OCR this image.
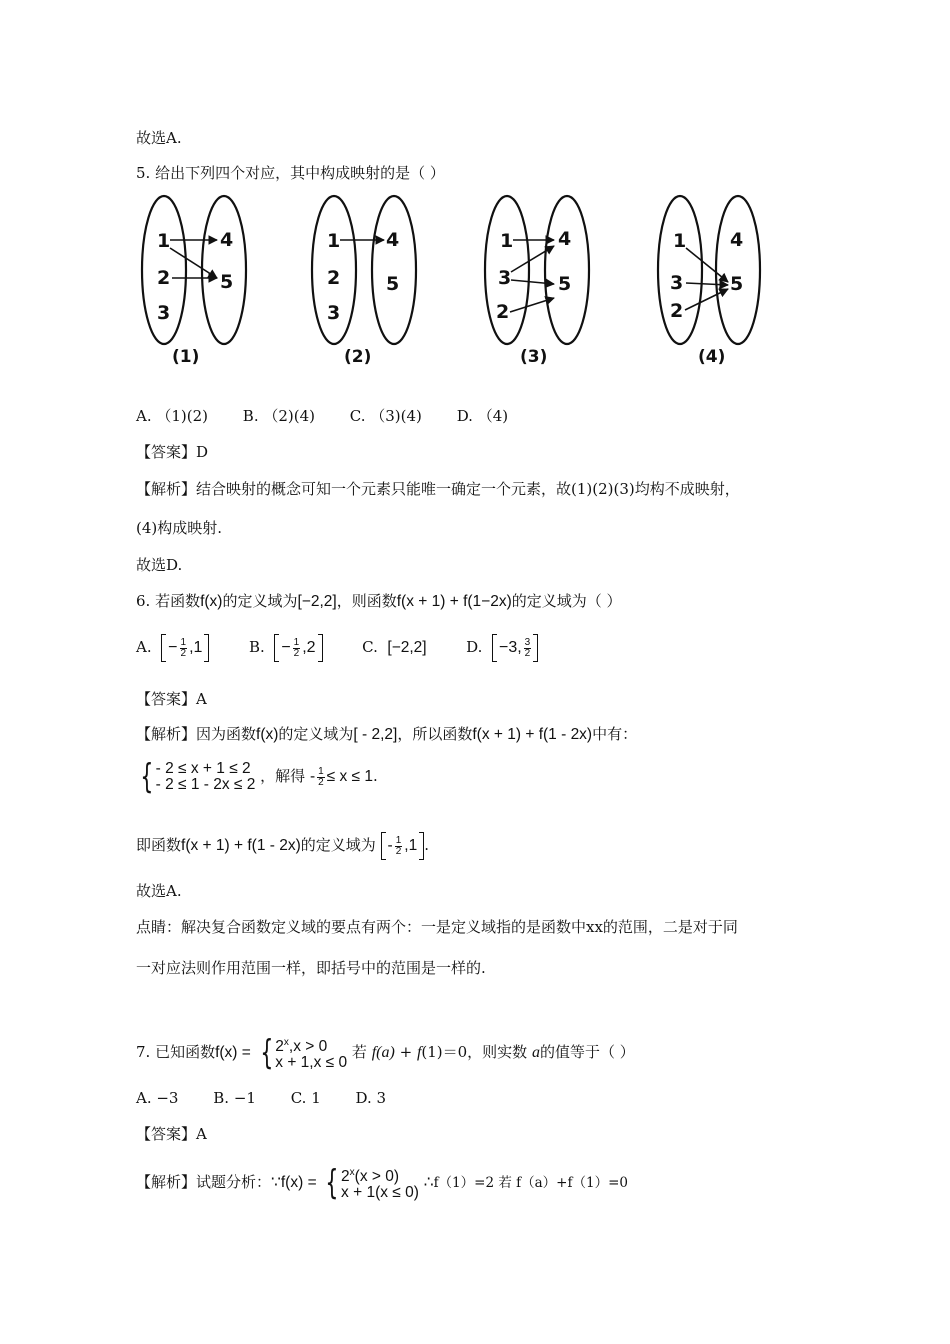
故选A.
5. 给出下列四个对应，其中构成映射的是（ ）
1
2
3
4
5
(1)
1
2
3
4
5
(2)
1
3
2
4
5
(3)
1
3
2
4
5
(4)
A. （1)(2) B. （2)(4) C. （3)(4) D. （4)
【答案】D
【解析】结合映射的概念可知一个元素只能唯一确定一个元素，故(1)(2)(3)均构不成映射，
(4)构成映射.
故选D.
6. 若函数f(x)的定义域为[−2,2]，则函数f(x + 1) + f(1−2x)的定义域为（ ）
A. − $\frac{1}{2} ,1$	B. − $\frac{1}{2} ,2$	C. [−2,2]	D. −3, $\frac{3}{2}$
【答案】A
【解析】因为函数f(x)的定义域为[ - 2,2]，所以函数f(x + 1) + f(1 - 2x)中有：
{ - 2 ≤ x + 1 ≤ 2
- 2 ≤ 1 - 2x ≤ 2 ，解得 - $\frac{1}{2} \le x \le 1$ .
即函数f(x + 1) + f(1 - 2x)的定义域为 - $\frac{1}{2} ,1$ .
故选A.
点睛：解决复合函数定义域的要点有两个：一是定义域指的是函数中xx的范围，二是对于同
一对应法则作用范围一样，即括号中的范围是一样的.
7. 已知函数f(x) = { $2^x,x > 0$
x + 1,x ≤ 0
若 f(a) + f(1)＝0，则实数 a的值等于（ ）
A. −3 B. −1 C. 1 D. 3
【答案】A
【解析】试题分析：∵f(x) = { $2^x(x > 0)$
x + 1(x ≤ 0)
∴f（1）=2 若 f（a）+f（1）=0
